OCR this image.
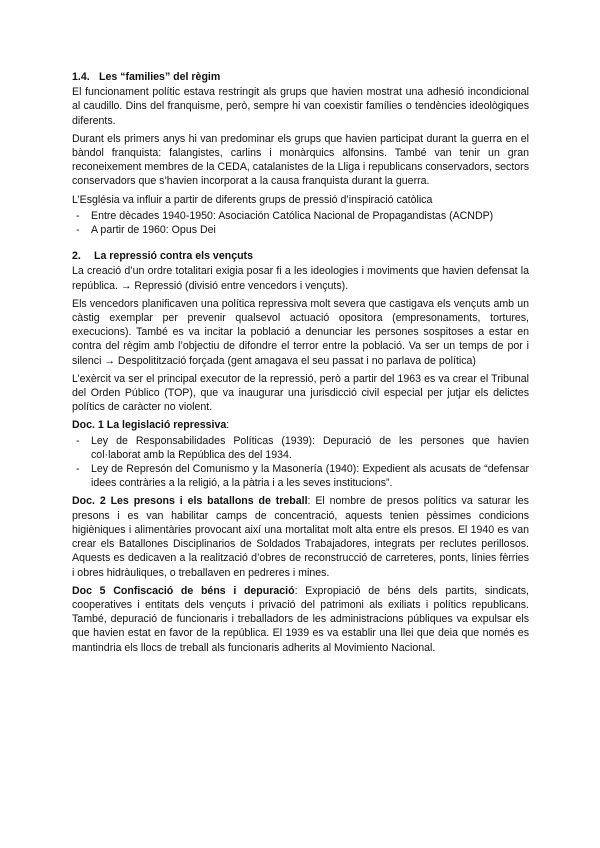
1.4. Les “families” del règim

El funcionament polític estava restringit als grups que havien mostrat una adhesió incondicional al caudillo. Dins del franquisme, però, sempre hi van coexistir famílies o tendències ideològiques diferents.

Durant els primers anys hi van predominar els grups que havien participat durant la guerra en el bàndol franquista: falangistes, carlins i monàrquics alfonsins. També van tenir un gran reconeixement membres de la CEDA, catalanistes de la Lliga i republicans conservadors, sectors conservadors que s’havien incorporat a la causa franquista durant la guerra.

L’Església va influir a partir de diferents grups de pressió d’inspiració catòlica

- Entre dècades 1940-1950: Asociación Católica Nacional de Propagandistas (ACNDP)
- A partir de 1960: Opus Dei
2. La repressió contra els vençuts

La creació d’un ordre totalitari exigia posar fi a les ideologies i moviments que havien defensat la república. → Repressió (divisió entre vencedors i vençuts).

Els vencedors planificaven una política repressiva molt severa que castigava els vençuts amb un càstig exemplar per prevenir qualsevol actuació opositora (empresonaments, tortures, execucions). També es va incitar la població a denunciar les persones sospitoses a estar en contra del règim amb l’objectiu de difondre el terror entre la població. Va ser un temps de por i silenci → Despolitització forçada (gent amagava el seu passat i no parlava de política)

L’exèrcit va ser el principal executor de la repressió, però a partir del 1963 es va crear el Tribunal del Orden Público (TOP), que va inaugurar una jurisdicció civil especial per jutjar els delictes polítics de caràcter no violent.

Doc. 1 La legislació repressiva:

- Ley de Responsabilidades Políticas (1939): Depuració de les persones que havien col·laborat amb la República des del 1934.
- Ley de Represón del Comunismo y la Masonería (1940): Expedient als acusats de “defensar idees contràries a la religió, a la pàtria i a les seves institucions”.

Doc. 2 Les presons i els batallons de treball: El nombre de presos polítics va saturar les presons i es van habilitar camps de concentració, aquests tenien pèssimes condicions higièniques i alimentàries provocant així una mortalitat molt alta entre els presos. El 1940 es van crear els Batallones Disciplinarios de Soldados Trabajadores, integrats per reclutes perillosos. Aquests es dedicaven a la realització d’obres de reconstrucció de carreteres, ponts, línies fèrries i obres hidràuliques, o treballaven en pedreres i mines.

Doc 5 Confiscació de béns i depuració: Expropiació de béns dels partits, sindicats, cooperatives i entitats dels vençuts i privació del patrimoni als exiliats i polítics republicans. També, depuració de funcionaris i treballadors de les administracions públiques va expulsar els que havien estat en favor de la república. El 1939 es va establir una llei que deia que només es mantindria els llocs de treball als funcionaris adherits al Movimiento Nacional.
